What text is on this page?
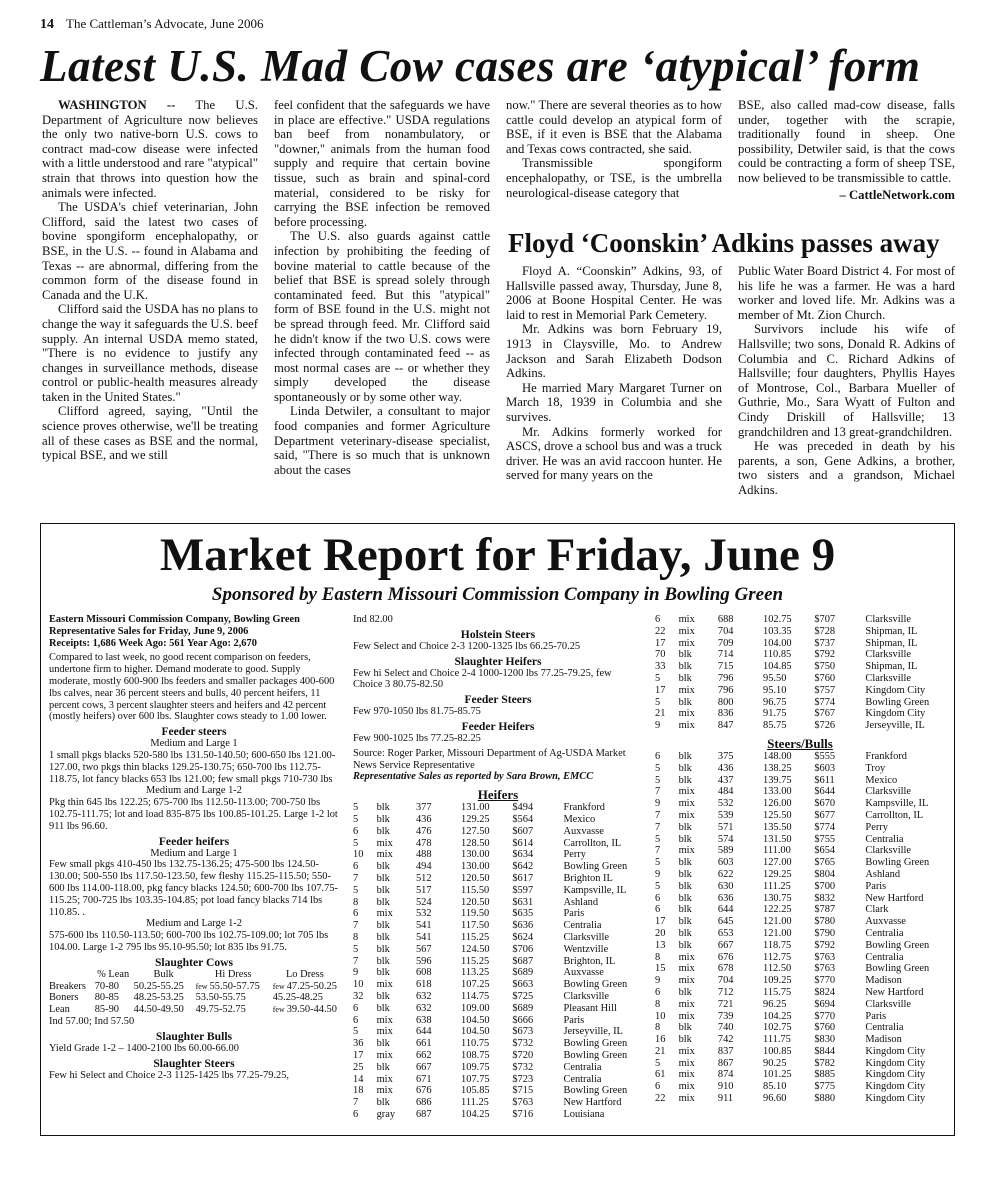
14 The Cattleman’s Advocate, June 2006
Latest U.S. Mad Cow cases are ‘atypical’ form

WASHINGTON -- The U.S. Department of Agriculture now believes the only two native-born U.S. cows to contract mad-cow disease were infected with a little understood and rare "atypical" strain that throws into question how the animals were infected.

The USDA's chief veterinarian, John Clifford, said the latest two cases of bovine spongiform encephalopathy, or BSE, in the U.S. -- found in Alabama and Texas -- are abnormal, differing from the common form of the disease found in Canada and the U.K.

Clifford said the USDA has no plans to change the way it safeguards the U.S. beef supply. An internal USDA memo stated, "There is no evidence to justify any changes in surveillance methods, disease control or public-health measures already taken in the United States."

Clifford agreed, saying, "Until the science proves otherwise, we'll be treating all of these cases as BSE and the normal, typical BSE, and we still

feel confident that the safeguards we have in place are effective." USDA regulations ban beef from nonambulatory, or "downer," animals from the human food supply and require that certain bovine tissue, such as brain and spinal-cord material, considered to be risky for carrying the BSE infection be removed before processing.

The U.S. also guards against cattle infection by prohibiting the feeding of bovine material to cattle because of the belief that BSE is spread solely through contaminated feed. But this "atypical" form of BSE found in the U.S. might not be spread through feed. Mr. Clifford said he didn't know if the two U.S. cows were infected through contaminated feed -- as most normal cases are -- or whether they simply developed the disease spontaneously or by some other way.

Linda Detwiler, a consultant to major food companies and former Agriculture Department veterinary-disease specialist, said, "There is so much that is unknown about the cases

now." There are several theories as to how cattle could develop an atypical form of BSE, if it even is BSE that the Alabama and Texas cows contracted, she said.

Transmissible spongiform encephalopathy, or TSE, is the umbrella neurological-disease category that

BSE, also called mad-cow disease, falls under, together with the scrapie, traditionally found in sheep. One possibility, Detwiler said, is that the cows could be contracting a form of sheep TSE, now believed to be transmissible to cattle.

– CattleNetwork.com
Floyd ‘Coonskin’ Adkins passes away

Floyd A. “Coonskin” Adkins, 93, of Hallsville passed away, Thursday, June 8, 2006 at Boone Hospital Center. He was laid to rest in Memorial Park Cemetery.

Mr. Adkins was born February 19, 1913 in Claysville, Mo. to Andrew Jackson and Sarah Elizabeth Dodson Adkins.

He married Mary Margaret Turner on March 18, 1939 in Columbia and she survives.

Mr. Adkins formerly worked for ASCS, drove a school bus and was a truck driver. He was an avid raccoon hunter. He served for many years on the

Public Water Board District 4. For most of his life he was a farmer. He was a hard worker and loved life. Mr. Adkins was a member of Mt. Zion Church.

Survivors include his wife of Hallsville; two sons, Donald R. Adkins of Columbia and C. Richard Adkins of Hallsville; four daughters, Phyllis Hayes of Montrose, Col., Barbara Mueller of Guthrie, Mo., Sara Wyatt of Fulton and Cindy Driskill of Hallsville; 13 grandchildren and 13 great-grandchildren.

He was preceded in death by his parents, a son, Gene Adkins, a brother, two sisters and a grandson, Michael Adkins.

Market Report for Friday, June 9
Sponsored by Eastern Missouri Commission Company in Bowling Green

Eastern Missouri Commission Company, Bowling Green

Representative Sales for Friday, June 9, 2006

Receipts: 1,686 Week Ago: 561 Year Ago: 2,670

Compared to last week, no good recent comparison on feeders, undertone firm to higher. Demand moderate to good. Supply moderate, mostly 600-900 lbs feeders and smaller packages 400-600 lbs calves, near 36 percent steers and bulls, 40 percent heifers, 11 percent cows, 3 percent slaughter steers and heifers and 42 percent (mostly heifers) over 600 lbs. Slaughter cows steady to 1.00 lower.

Feeder steers
Medium and Large 1

1 small pkgs blacks 520-580 lbs 131.50-140.50; 600-650 lbs 121.00-127.00, two pkgs thin blacks 129.25-130.75; 650-700 lbs 112.75-118.75, lot fancy blacks 653 lbs 121.00; few small pkgs 710-730 lbs

Medium and Large 1-2

Pkg thin 645 lbs 122.25; 675-700 lbs 112.50-113.00; 700-750 lbs 102.75-111.75; lot and load 835-875 lbs 100.85-101.25. Large 1-2 lot 911 lbs 96.60.

Feeder heifers
Medium and Large 1

Few small pkgs 410-450 lbs 132.75-136.25; 475-500 lbs 124.50-130.00; 500-550 lbs 117.50-123.50, few fleshy 115.25-115.50; 550-600 lbs 114.00-118.00, pkg fancy blacks 124.50; 600-700 lbs 107.75-115.25; 700-725 lbs 103.35-104.85; pot load fancy blacks 714 lbs 110.85. .

Medium and Large 1-2

575-600 lbs 110.50-113.50; 600-700 lbs 102.75-109.00; lot 705 lbs 104.00. Large 1-2 795 lbs 95.10-95.50; lot 835 lbs 91.75.

Slaughter Cows
	% Lean	Bulk	Hi Dress	Lo Dress
Breakers	70-80	50.25-55.25	few 55.50-57.75	few 47.25-50.25
Boners	80-85	48.25-53.25	53.50-55.75	45.25-48.25
Lean	85-90	44.50-49.50	49.75-52.75	few 39.50-44.50

Ind 57.00; Ind 57.50

Slaughter Bulls

Yield Grade 1-2 – 1400-2100 lbs 60.00-66.00

Slaughter Steers

Few hi Select and Choice 2-3 1125-1425 lbs 77.25-79.25,

Ind 82.00

Holstein Steers

Few Select and Choice 2-3 1200-1325 lbs 66.25-70.25

Slaughter Heifers

Few hi Select and Choice 2-4 1000-1200 lbs 77.25-79.25, few Choice 3 80.75-82.50

Feeder Steers

Few 970-1050 lbs 81.75-85.75

Feeder Heifers

Few 900-1025 lbs 77.25-82.25

Source: Roger Parker, Missouri Department of Ag-USDA Market News Service Representative

Representative Sales as reported by Sara Brown, EMCC

Heifers
5	blk	377	131.00	$494	Frankford
5	blk	436	129.25	$564	Mexico
6	blk	476	127.50	$607	Auxvasse
5	mix	478	128.50	$614	Carrollton, IL
10	mix	488	130.00	$634	Perry
6	blk	494	130.00	$642	Bowling Green
7	blk	512	120.50	$617	Brighton IL
5	blk	517	115.50	$597	Kampsville, IL
8	blk	524	120.50	$631	Ashland
6	mix	532	119.50	$635	Paris
7	blk	541	117.50	$636	Centralia
8	blk	541	115.25	$624	Clarksville
5	blk	567	124.50	$706	Wentzville
7	blk	596	115.25	$687	Brighton, IL
9	blk	608	113.25	$689	Auxvasse
10	mix	618	107.25	$663	Bowling Green
32	blk	632	114.75	$725	Clarksville
6	blk	632	109.00	$689	Pleasant Hill
6	mix	638	104.50	$666	Paris
5	mix	644	104.50	$673	Jerseyville, IL
36	blk	661	110.75	$732	Bowling Green
17	mix	662	108.75	$720	Bowling Green
25	blk	667	109.75	$732	Centralia
14	mix	671	107.75	$723	Centralia
18	mix	676	105.85	$715	Bowling Green
7	blk	686	111.25	$763	New Hartford
6	gray	687	104.25	$716	Louisiana
6	mix	688	102.75	$707	Clarksville
22	mix	704	103.35	$728	Shipman, IL
17	mix	709	104.00	$737	Shipman, IL
70	blk	714	110.85	$792	Clarksville
33	blk	715	104.85	$750	Shipman, IL
5	blk	796	95.50	$760	Clarksville
17	mix	796	95.10	$757	Kingdom City
5	blk	800	96.75	$774	Bowling Green
21	mix	836	91.75	$767	Kingdom City
9	mix	847	85.75	$726	Jerseyville, IL
Steers/Bulls
6	blk	375	148.00	$555	Frankford
5	blk	436	138.25	$603	Troy
5	blk	437	139.75	$611	Mexico
7	mix	484	133.00	$644	Clarksville
9	mix	532	126.00	$670	Kampsville, IL
7	mix	539	125.50	$677	Carrollton, IL
7	blk	571	135.50	$774	Perry
5	blk	574	131.50	$755	Centralia
7	mix	589	111.00	$654	Clarksville
5	blk	603	127.00	$765	Bowling Green
9	blk	622	129.25	$804	Ashland
5	blk	630	111.25	$700	Paris
6	blk	636	130.75	$832	New Hartford
6	blk	644	122.25	$787	Clark
17	blk	645	121.00	$780	Auxvasse
20	blk	653	121.00	$790	Centralia
13	blk	667	118.75	$792	Bowling Green
8	mix	676	112.75	$763	Centralia
15	mix	678	112.50	$763	Bowling Green
9	mix	704	109.25	$770	Madison
6	blk	712	115.75	$824	New Hartford
8	mix	721	96.25	$694	Clarksville
10	mix	739	104.25	$770	Paris
8	blk	740	102.75	$760	Centralia
16	blk	742	111.75	$830	Madison
21	mix	837	100.85	$844	Kingdom City
5	mix	867	90.25	$782	Kingdom City
61	mix	874	101.25	$885	Kingdom City
6	mix	910	85.10	$775	Kingdom City
22	mix	911	96.60	$880	Kingdom City
